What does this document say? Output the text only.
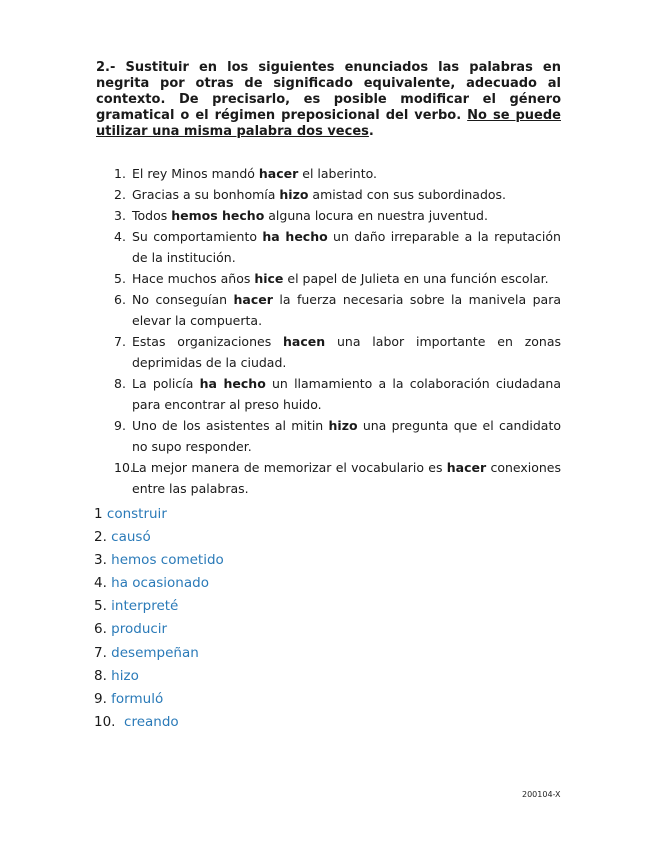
2.- Sustituir en los siguientes enunciados las palabras en negrita por otras de significado equivalente, adecuado al contexto. De precisarlo, es posible modificar el género gramatical o el régimen preposicional del verbo. No se puede utilizar una misma palabra dos veces.
1. El rey Minos mandó hacer el laberinto.
2. Gracias a su bonhomía hizo amistad con sus subordinados.
3. Todos hemos hecho alguna locura en nuestra juventud.
4. Su comportamiento ha hecho un daño irreparable a la reputación de la institución.
5. Hace muchos años hice el papel de Julieta en una función escolar.
6. No conseguían hacer la fuerza necesaria sobre la manivela para elevar la compuerta.
7. Estas organizaciones hacen una labor importante en zonas deprimidas de la ciudad.
8. La policía ha hecho un llamamiento a la colaboración ciudadana para encontrar al preso huido.
9. Uno de los asistentes al mitin hizo una pregunta que el candidato no supo responder.
10.
La mejor manera de memorizar el vocabulario es hacer conexiones entre las palabras.
1 construir
2. causó
3. hemos cometido
4. ha ocasionado
5. interpreté
6. producir
7. desempeñan
8. hizo
9. formuló
10.  creando
200104-X
